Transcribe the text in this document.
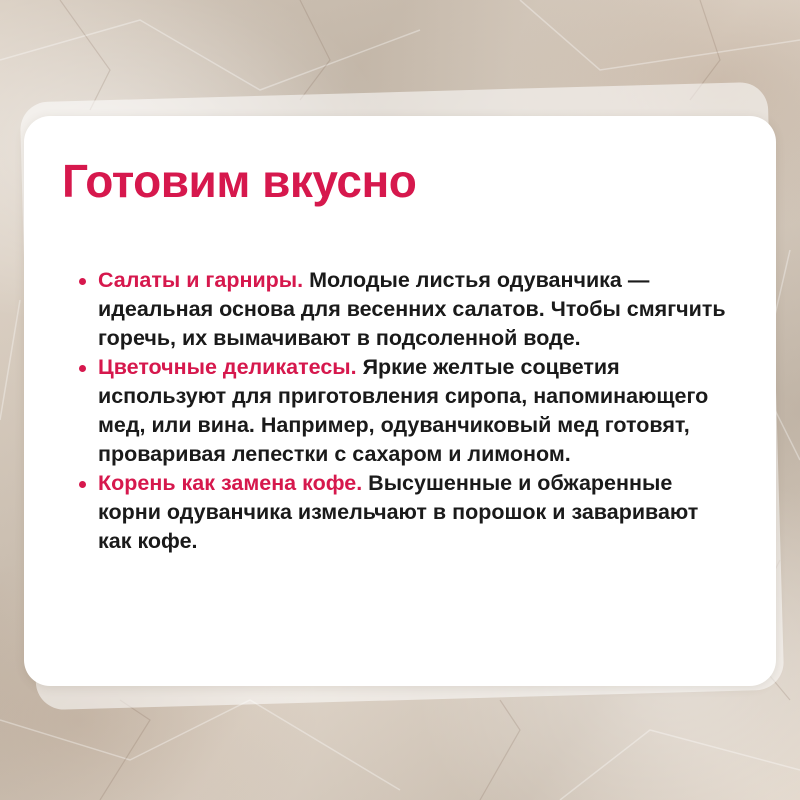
Готовим вкусно
Салаты и гарниры. Молодые листья одуванчика — идеальная основа для весенних салатов. Чтобы смягчить горечь, их вымачивают в подсоленной воде.
Цветочные деликатесы. Яркие желтые соцветия используют для приготовления сиропа, напоминающего мед, или вина. Например, одуванчиковый мед готовят, проваривая лепестки с сахаром и лимоном.
Корень как замена кофе. Высушенные и обжаренные корни одуванчика измельчают в порошок и заваривают как кофе.
